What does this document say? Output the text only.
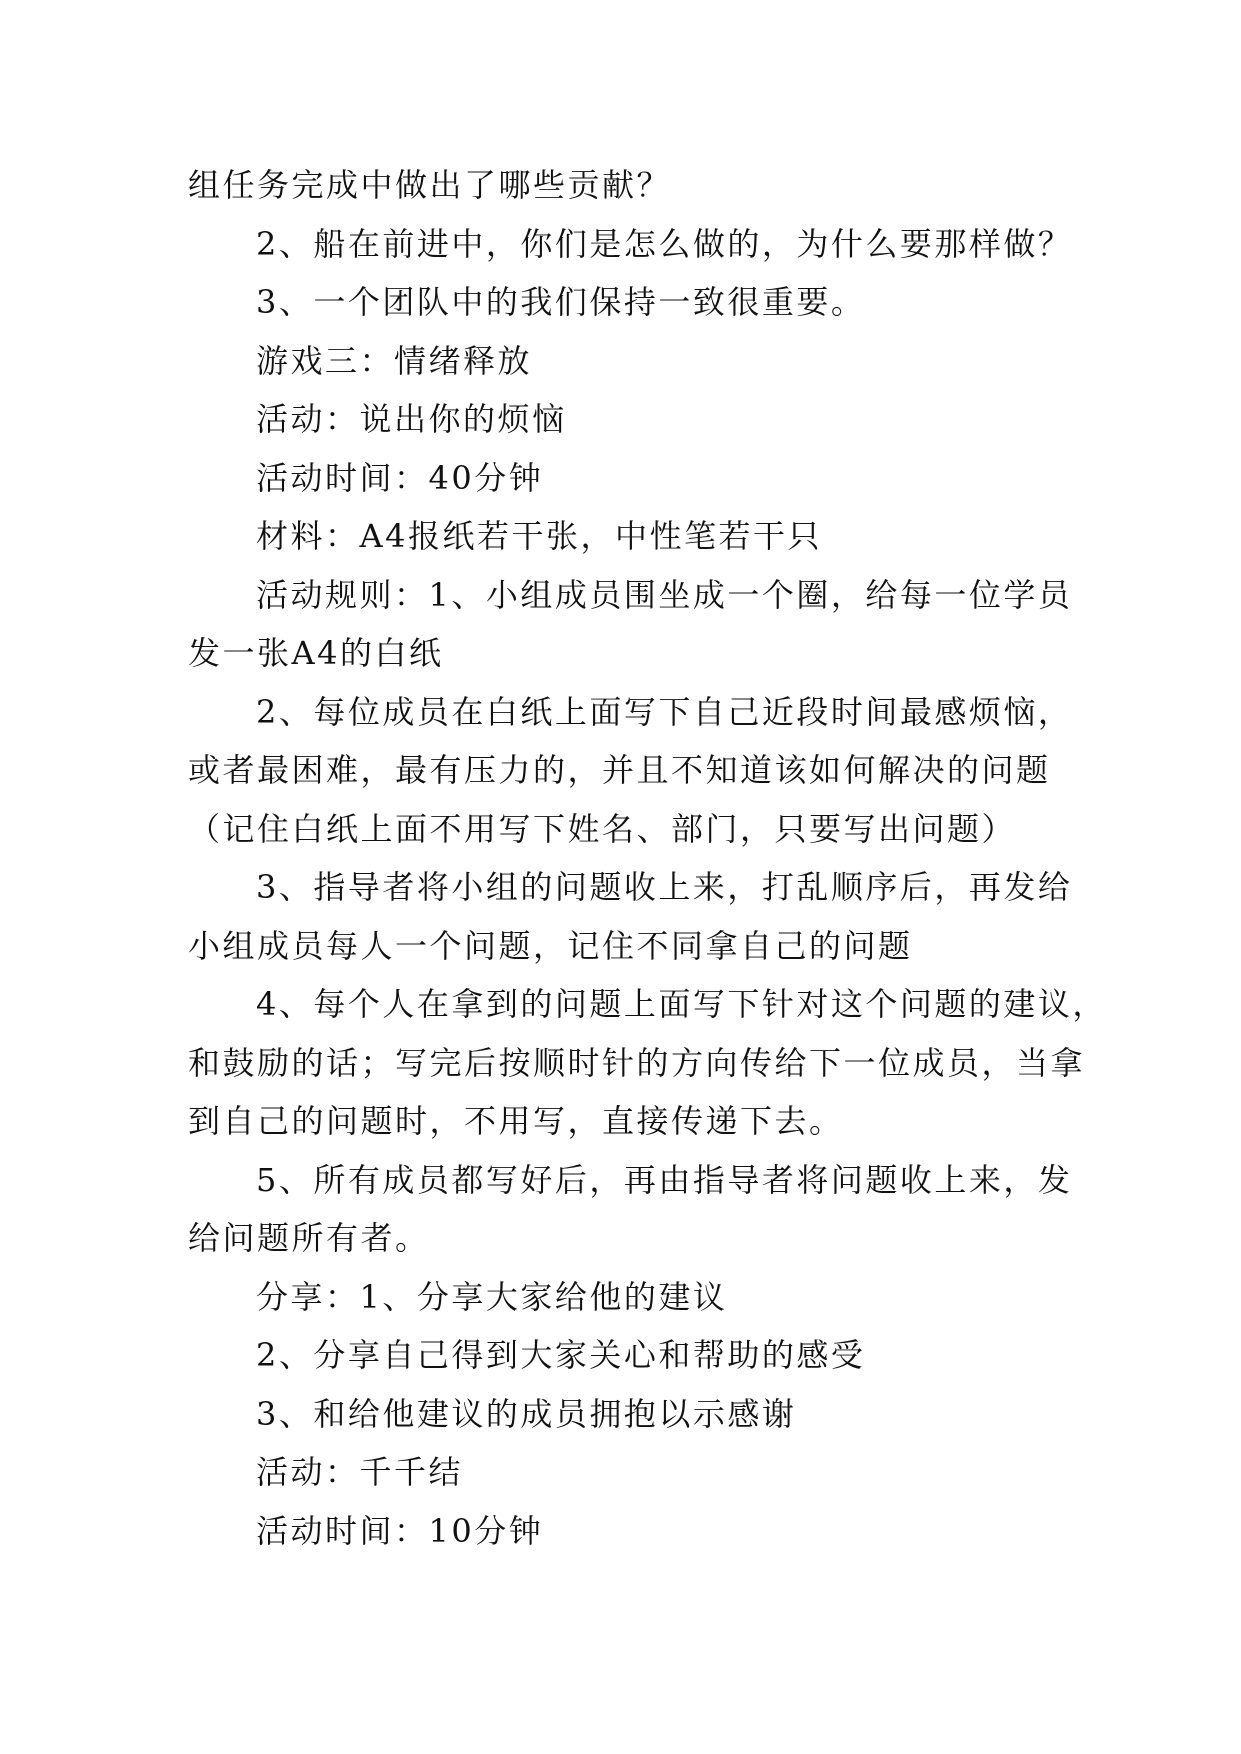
组任务完成中做出了哪些贡献？
2、船在前进中，你们是怎么做的，为什么要那样做？
3、一个团队中的我们保持一致很重要。
游戏三：情绪释放
活动：说出你的烦恼
活动时间：40分钟
材料：A4报纸若干张，中性笔若干只
活动规则：1、小组成员围坐成一个圈，给每一位学员
发一张A4的白纸
2、每位成员在白纸上面写下自己近段时间最感烦恼，
或者最困难，最有压力的，并且不知道该如何解决的问题
（记住白纸上面不用写下姓名、部门，只要写出问题）
3、指导者将小组的问题收上来，打乱顺序后，再发给
小组成员每人一个问题，记住不同拿自己的问题
4、每个人在拿到的问题上面写下针对这个问题的建议，
和鼓励的话；写完后按顺时针的方向传给下一位成员，当拿
到自己的问题时，不用写，直接传递下去。
5、所有成员都写好后，再由指导者将问题收上来，发
给问题所有者。
分享：1、分享大家给他的建议
2、分享自己得到大家关心和帮助的感受
3、和给他建议的成员拥抱以示感谢
活动：千千结
活动时间：10分钟
